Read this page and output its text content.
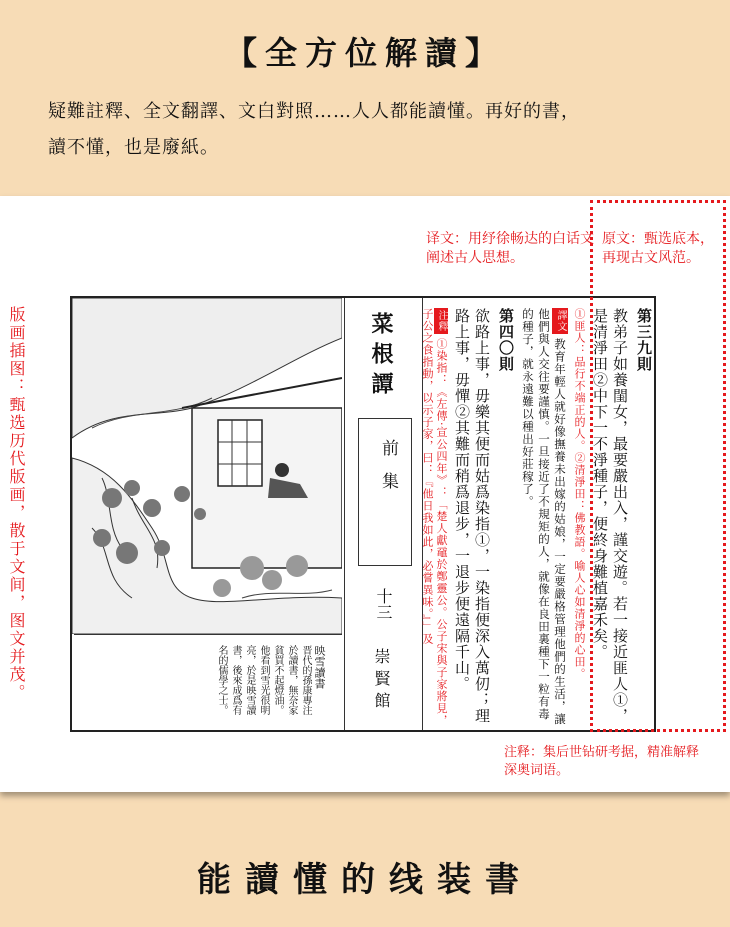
【全方位解讀】
疑難註釋、全文翻譯、文白對照……人人都能讀懂。再好的書，
讀不懂，也是廢紙。
译文：用纾徐畅达的白话文阐述古人思想。
原文：甄选底本，再现古文风范。
版画插图：甄选历代版画，散于文间，图文并茂。	映雪讀書
晋代的孫康專注於讀書，無奈家貧買不起燈油。他看到雪光很明亮，於是映雪讀書，後來成爲有名的儒學之士。
菜根譚
前集
十三
崇賢館

第三九則

教弟子如養閨女，最要嚴出入，謹交遊。若一接近匪人①，是清淨田②中下一不淨種子，便終身難植嘉禾矣。

①匪人：品行不端正的人。②清淨田：佛教語。喻人心如清淨的心田。

譯文教育年輕人就好像撫養未出嫁的姑娘，一定要嚴格管理他們的生活，讓他們與人交往要謹慎。一旦接近了不規矩的人，就像在良田裏種下一粒有毒的種子，就永遠難以種出好莊稼了。

第四〇則

欲路上事，毋樂其便而姑爲染指①，一染指便深入萬仞；理路上事，毋憚②其難而稍爲退步，一退步便遠隔千山。

注釋①染指：《左傳·宣公四年》：「楚人獻黿於鄭靈公。公子宋與子家將見，子公之食指動，以示子家，曰：『他日我如此，必嘗異味。』」及

注释：集后世钻研考据，精准解释深奥词语。
能讀懂的线装書
